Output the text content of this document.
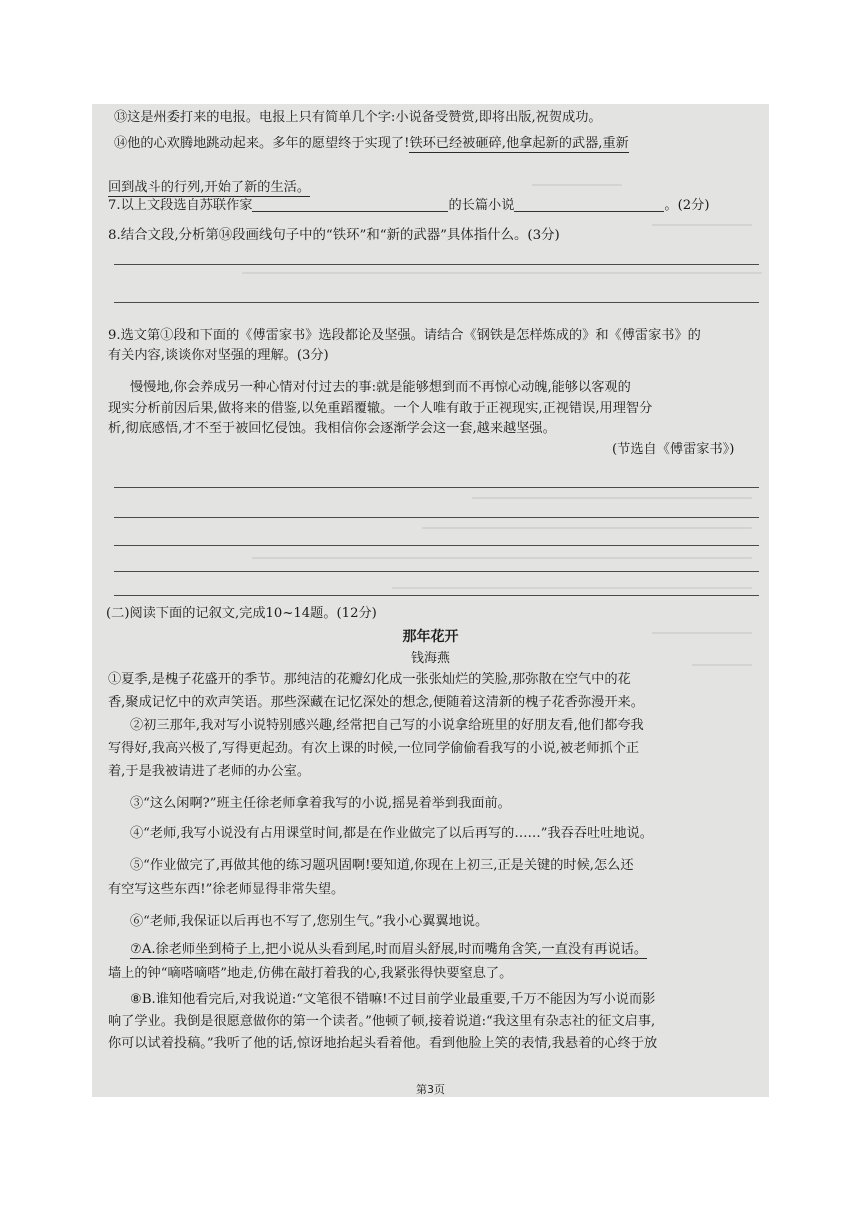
⑬这是州委打来的电报。电报上只有简单几个字:小说备受赞赏,即将出版,祝贺成功。
⑭他的心欢腾地跳动起来。多年的愿望终于实现了!铁环已经被砸碎,他拿起新的武器,重新
回到战斗的行列,开始了新的生活。
7.以上文段选自苏联作家	的长篇小说	。(2分)
8.结合文段,分析第⑭段画线句子中的“铁环”和“新的武器”具体指什么。(3分)
9.选文第①段和下面的《傅雷家书》选段都论及坚强。请结合《钢铁是怎样炼成的》和《傅雷家书》的
有关内容,谈谈你对坚强的理解。(3分)
慢慢地,你会养成另一种心情对付过去的事:就是能够想到而不再惊心动魄,能够以客观的
现实分析前因后果,做将来的借鉴,以免重蹈覆辙。一个人唯有敢于正视现实,正视错误,用理智分
析,彻底感悟,才不至于被回忆侵蚀。我相信你会逐渐学会这一套,越来越坚强。
(节选自《傅雷家书》)
(二)阅读下面的记叙文,完成10~14题。(12分)
那年花开
钱海燕
①夏季,是槐子花盛开的季节。那纯洁的花瓣幻化成一张张灿烂的笑脸,那弥散在空气中的花
香,聚成记忆中的欢声笑语。那些深藏在记忆深处的想念,便随着这清新的槐子花香弥漫开来。
②初三那年,我对写小说特别感兴趣,经常把自己写的小说拿给班里的好朋友看,他们都夸我
写得好,我高兴极了,写得更起劲。有次上课的时候,一位同学偷偷看我写的小说,被老师抓个正
着,于是我被请进了老师的办公室。
③“这么闲啊?”班主任徐老师拿着我写的小说,摇晃着举到我面前。
④“老师,我写小说没有占用课堂时间,都是在作业做完了以后再写的……”我吞吞吐吐地说。
⑤“作业做完了,再做其他的练习题巩固啊!要知道,你现在上初三,正是关键的时候,怎么还
有空写这些东西!”徐老师显得非常失望。
⑥“老师,我保证以后再也不写了,您别生气。”我小心翼翼地说。
⑦A.徐老师坐到椅子上,把小说从头看到尾,时而眉头舒展,时而嘴角含笑,一直没有再说话。
墙上的钟“嘀嗒嘀嗒”地走,仿佛在敲打着我的心,我紧张得快要窒息了。
⑧B.谁知他看完后,对我说道:“文笔很不错嘛!不过目前学业最重要,千万不能因为写小说而影
响了学业。我倒是很愿意做你的第一个读者。”他顿了顿,接着说道:“我这里有杂志社的征文启事,
你可以试着投稿。”我听了他的话,惊讶地抬起头看着他。看到他脸上笑的表情,我悬着的心终于放
第3页
